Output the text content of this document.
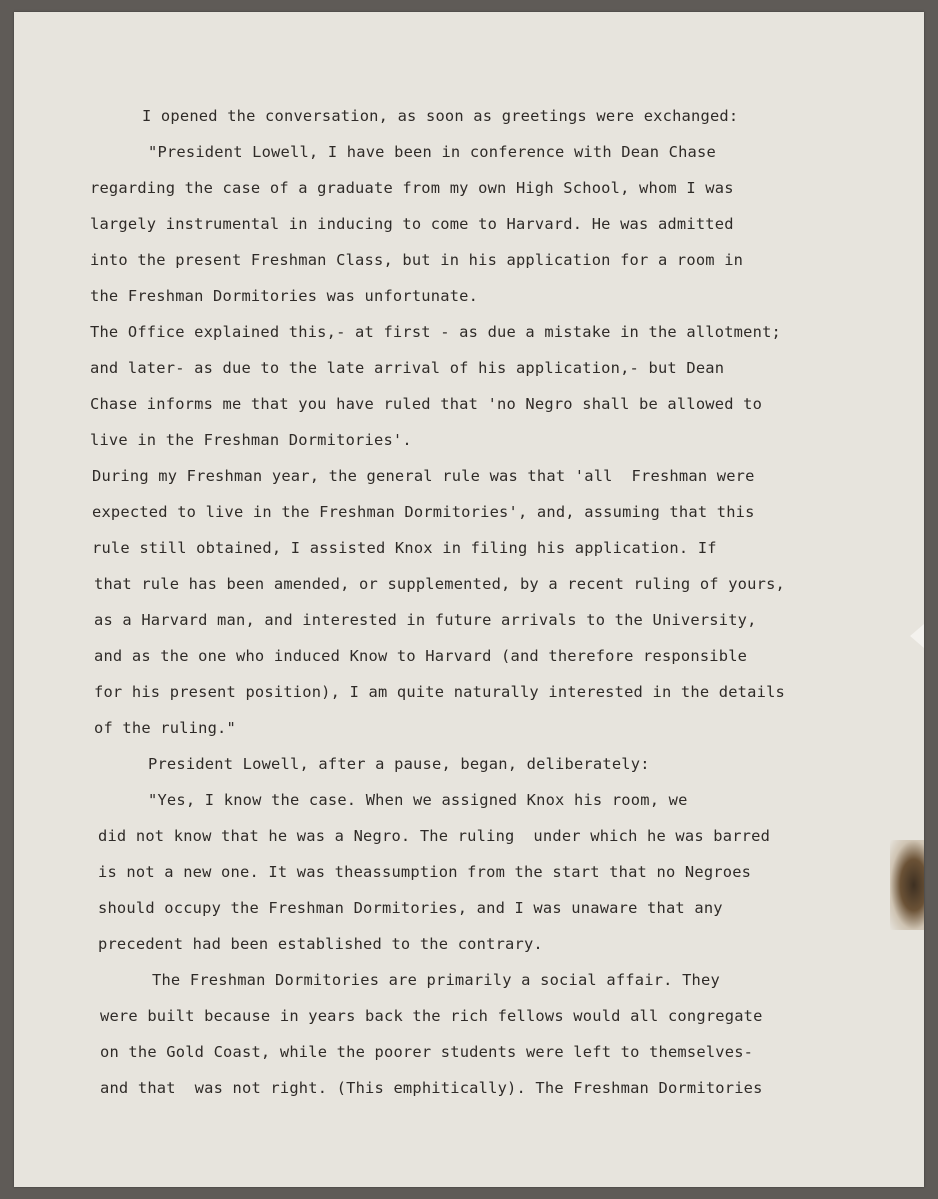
I opened the conversation, as soon as greetings were exchanged:
"President Lowell, I have been in conference with Dean Chase
regarding the case of a graduate from my own High School, whom I was
largely instrumental in inducing to come to Harvard. He was admitted
into the present Freshman Class, but in his application for a room in
the Freshman Dormitories was unfortunate.
The Office explained this,- at first - as due a mistake in the allotment;
and later- as due to the late arrival of his application,- but Dean
Chase informs me that you have ruled that 'no Negro shall be allowed to
live in the Freshman Dormitories'.
During my Freshman year, the general rule was that 'all  Freshman were
expected to live in the Freshman Dormitories', and, assuming that this
rule still obtained, I assisted Knox in filing his application. If
that rule has been amended, or supplemented, by a recent ruling of yours,
as a Harvard man, and interested in future arrivals to the University,
and as the one who induced Know to Harvard (and therefore responsible
for his present position), I am quite naturally interested in the details
of the ruling."
President Lowell, after a pause, began, deliberately:
"Yes, I know the case. When we assigned Knox his room, we
did not know that he was a Negro. The ruling  under which he was barred
is not a new one. It was theassumption from the start that no Negroes
should occupy the Freshman Dormitories, and I was unaware that any
precedent had been established to the contrary.
The Freshman Dormitories are primarily a social affair. They
were built because in years back the rich fellows would all congregate
on the Gold Coast, while the poorer students were left to themselves-
and that  was not right. (This emphitically). The Freshman Dormitories
